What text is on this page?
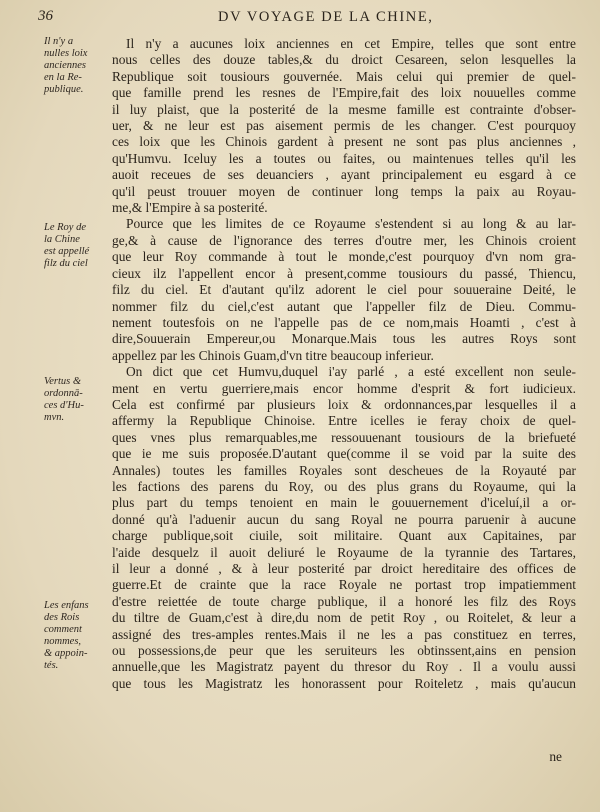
36	DV VOYAGE DE LA CHINE,
Il n'y a
nulles loix
anciennes
en la Re-
publique.
Le Roy de
la Chine
est appellé
filz du ciel
Vertus &
ordonnā-
ces d'Hu-
mvn.
Les enfans
des Rois
comment
nommes,
& appoin-
tés.
Il n'y a aucunes loix anciennes en cet Empire, telles que sont entre
nous celles des douze tables,& du droict Cesareen, selon lesquelles la
Republique soit tousiours gouvernée. Mais celui qui premier de quel-
que famille prend les resnes de l'Empire,fait des loix nouuelles comme
il luy plaist, que la posterité de la mesme famille est contrainte d'obser-
uer, & ne leur est pas aisement permis de les changer. C'est pourquoy
ces loix que les Chinois gardent à present ne sont pas plus anciennes ,
qu'Humvu. Iceluy les a toutes ou faites, ou maintenues telles qu'il les
auoit receues de ses deuanciers , ayant principalement eu esgard à ce
qu'il peust trouuer moyen de continuer long temps la paix au Royau-
me,& l'Empire à sa posterité.
Pource que les limites de ce Royaume s'estendent si au long & au lar-
ge,& à cause de l'ignorance des terres d'outre mer, les Chinois croient
que leur Roy commande à tout le monde,c'est pourquoy d'vn nom gra-
cieux ilz l'appellent encor à present,comme tousiours du passé, Thiencu,
filz du ciel. Et d'autant qu'ilz adorent le ciel pour souueraine Deité, le
nommer filz du ciel,c'est autant que l'appeller filz de Dieu. Commu-
nement toutesfois on ne l'appelle pas de ce nom,mais Hoamti , c'est à
dire,Souuerain Empereur,ou Monarque.Mais tous les autres Roys sont
appellez par les Chinois Guam,d'vn titre beaucoup inferieur.
On dict que cet Humvu,duquel i'ay parlé , a esté excellent non seule-
ment en vertu guerriere,mais encor homme d'esprit & fort iudicieux.
Cela est confirmé par plusieurs loix & ordonnances,par lesquelles il a
affermy la Republique Chinoise. Entre icelles ie feray choix de quel-
ques vnes plus remarquables,me ressouuenant tousiours de la briefueté
que ie me suis proposée.D'autant que(comme il se void par la suite des
Annales) toutes les familles Royales sont descheues de la Royauté par
les factions des parens du Roy, ou des plus grans du Royaume, qui la
plus part du temps tenoient en main le gouuernement d'iceluí,il a or-
donné qu'à l'aduenir aucun du sang Royal ne pourra paruenir à aucune
charge publique,soit ciuile, soit militaire. Quant aux Capitaines, par
l'aide desquelz il auoit deliuré le Royaume de la tyrannie des Tartares,
il leur a donné , & à leur posterité par droict hereditaire des offices de
guerre.Et de crainte que la race Royale ne portast trop impatiemment
d'estre reiettée de toute charge publique, il a honoré les filz des Roys
du tiltre de Guam,c'est à dire,du nom de petit Roy , ou Roitelet, & leur a
assigné des tres-amples rentes.Mais il ne les a pas constituez en terres,
ou possessions,de peur que les seruiteurs les obtinssent,ains en pension
annuelle,que les Magistratz payent du thresor du Roy . Il a voulu aussi
que tous les Magistratz les honorassent pour Roiteletz , mais qu'aucun
ne
